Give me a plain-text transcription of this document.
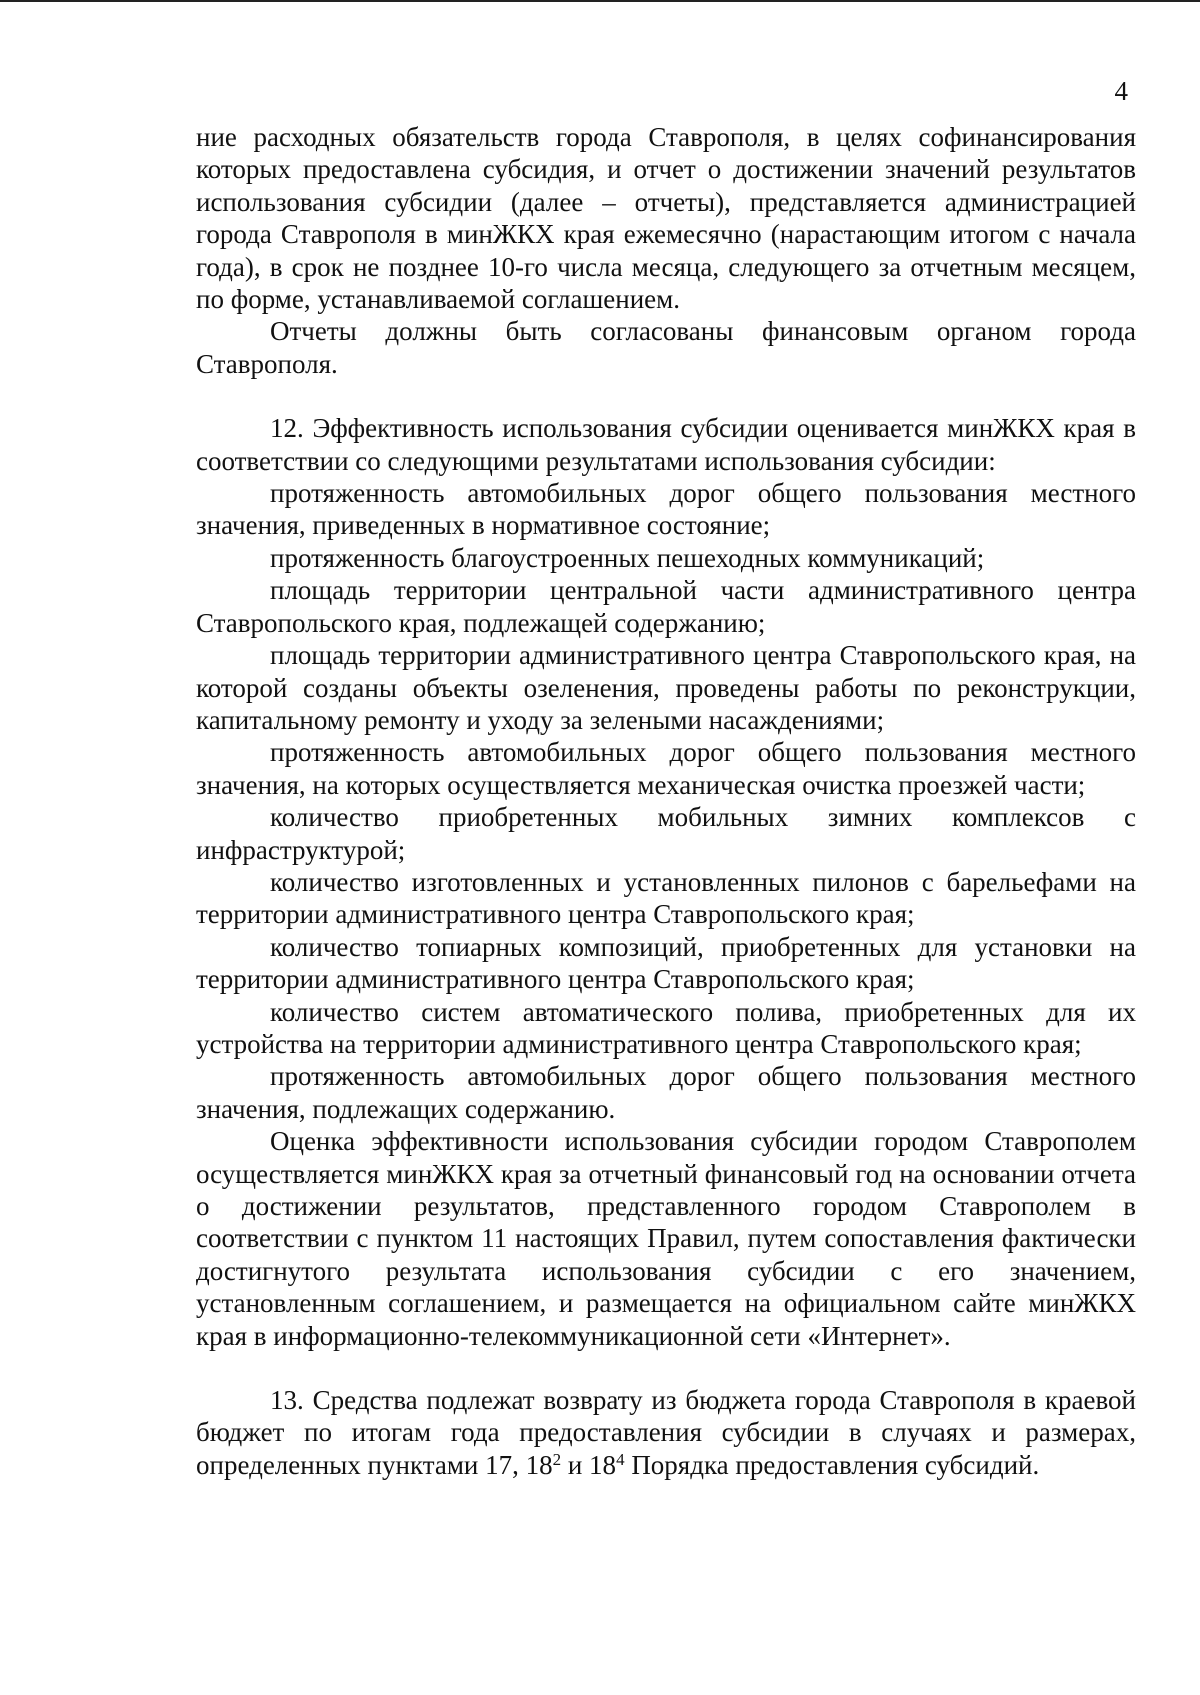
4

ние расходных обязательств города Ставрополя, в целях софинансирования которых предоставлена субсидия, и отчет о достижении значений результатов использования субсидии (далее – отчеты), представляется администрацией города Ставрополя в минЖКХ края ежемесячно (нарастающим итогом с начала года), в срок не позднее 10-го числа месяца, следующего за отчетным месяцем, по форме, устанавливаемой соглашением.

Отчеты должны быть согласованы финансовым органом города Ставрополя.

12. Эффективность использования субсидии оценивается минЖКХ края в соответствии со следующими результатами использования субсидии:

протяженность автомобильных дорог общего пользования местного значения, приведенных в нормативное состояние;

протяженность благоустроенных пешеходных коммуникаций;

площадь территории центральной части административного центра Ставропольского края, подлежащей содержанию;

площадь территории административного центра Ставропольского края, на которой созданы объекты озеленения, проведены работы по реконструкции, капитальному ремонту и уходу за зелеными насаждениями;

протяженность автомобильных дорог общего пользования местного значения, на которых осуществляется механическая очистка проезжей части;

количество приобретенных мобильных зимних комплексов с инфраструктурой;

количество изготовленных и установленных пилонов с барельефами на территории административного центра Ставропольского края;

количество топиарных композиций, приобретенных для установки на территории административного центра Ставропольского края;

количество систем автоматического полива, приобретенных для их устройства на территории административного центра Ставропольского края;

протяженность автомобильных дорог общего пользования местного значения, подлежащих содержанию.

Оценка эффективности использования субсидии городом Ставрополем осуществляется минЖКХ края за отчетный финансовый год на основании отчета о достижении результатов, представленного городом Ставрополем в соответствии с пунктом 11 настоящих Правил, путем сопоставления фактически достигнутого результата использования субсидии с его значением, установленным соглашением, и размещается на официальном сайте минЖКХ края в информационно-телекоммуникационной сети «Интернет».

13. Средства подлежат возврату из бюджета города Ставрополя в краевой бюджет по итогам года предоставления субсидии в случаях и размерах, определенных пунктами 17, $18^2$ и $18^4$ Порядка предоставления субсидий.
